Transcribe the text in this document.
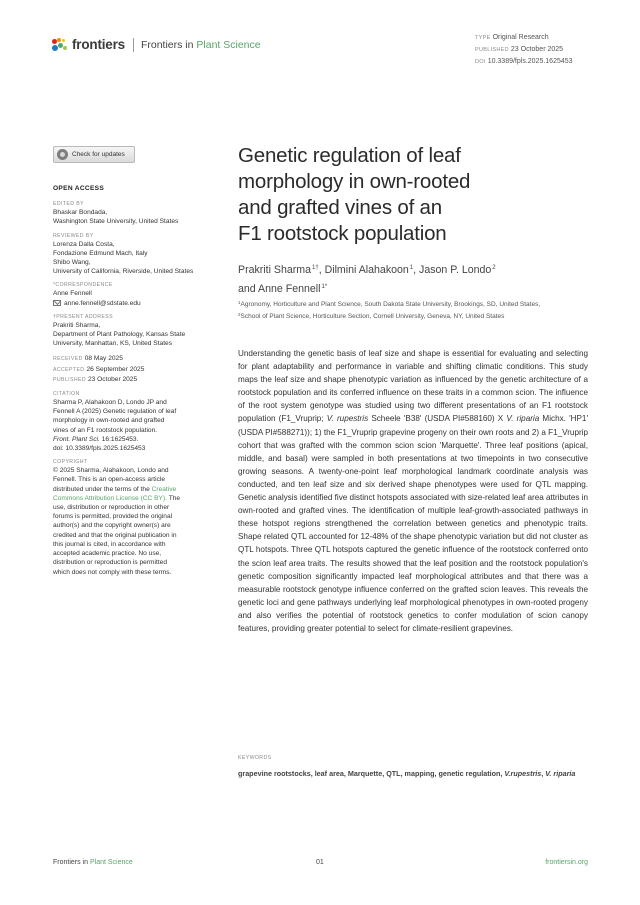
frontiers Frontiers in Plant Science
TYPE Original Research
PUBLISHED 23 October 2025
DOI 10.3389/fpls.2025.1625453
Check for updates
OPEN ACCESS
EDITED BY
Bhaskar Bondada,
Washington State University, United States
REVIEWED BY
Lorenza Dalla Costa,
Fondazione Edmund Mach, Italy
Shibo Wang,
University of California, Riverside, United States
*CORRESPONDENCE
Anne Fennell
anne.fennell@sdstate.edu
†PRESENT ADDRESS
Prakriti Sharma,
Department of Plant Pathology, Kansas State
University, Manhattan, KS, United States
RECEIVED 08 May 2025
ACCEPTED 26 September 2025
PUBLISHED 23 October 2025
CITATION
Sharma P, Alahakoon D, Londo JP and
Fennell A (2025) Genetic regulation of leaf
morphology in own-rooted and grafted
vines of an F1 rootstock population.
Front. Plant Sci. 16:1625453.
doi: 10.3389/fpls.2025.1625453
COPYRIGHT
© 2025 Sharma, Alahakoon, Londo and
Fennell. This is an open-access article
distributed under the terms of the Creative
Commons Attribution License (CC BY). The
use, distribution or reproduction in other
forums is permitted, provided the original
author(s) and the copyright owner(s) are
credited and that the original publication in
this journal is cited, in accordance with
accepted academic practice. No use,
distribution or reproduction is permitted
which does not comply with these terms.
Genetic regulation of leaf
morphology in own-rooted
and grafted vines of an
F1 rootstock population
Prakriti Sharma$^{1\dagger}$, Dilmini Alahakoon$^1$, Jason P. Londo$^2$
and Anne Fennell$^{1*}$
$^1$Agronomy, Horticulture and Plant Science, South Dakota State University, Brookings, SD, United States,
$^2$School of Plant Science, Horticulture Section, Cornell University, Geneva, NY, United States

Understanding the genetic basis of leaf size and shape is essential for evaluating and selecting for plant adaptability and performance in variable and shifting climatic conditions. This study maps the leaf size and shape phenotypic variation as influenced by the genetic architecture of a rootstock population and its conferred influence on these traits in a common scion. The influence of the root system genotype was studied using two different presentations of an F1 rootstock population (F1_Vruprip; V. rupestris Scheele 'B38' (USDA PI#588160) X V. riparia Michx. 'HP1' (USDA PI#588271)); 1) the F1_Vruprip grapevine progeny on their own roots and 2) a F1_Vruprip cohort that was grafted with the common scion scion 'Marquette'. Three leaf positions (apical, middle, and basal) were sampled in both presentations at two timepoints in two consecutive growing seasons. A twenty-one-point leaf morphological landmark coordinate analysis was conducted, and ten leaf size and six derived shape phenotypes were used for QTL mapping. Genetic analysis identified five distinct hotspots associated with size-related leaf area attributes in own-rooted and grafted vines. The identification of multiple leaf-growth-associated pathways in these hotspot regions strengthened the correlation between genetics and phenotypic traits. Shape related QTL accounted for 12-48% of the shape phenotypic variation but did not cluster as QTL hotspots. Three QTL hotspots captured the genetic influence of the rootstock conferred onto the scion leaf area traits. The results showed that the leaf position and the rootstock population's genetic composition significantly impacted leaf morphological attributes and that there was a measurable rootstock genotype influence conferred on the grafted scion leaves. This reveals the genetic loci and gene pathways underlying leaf morphological phenotypes in own-rooted progeny and also verifies the potential of rootstock genetics to confer modulation of scion canopy features, providing greater potential to select for climate-resilient grapevines.

KEYWORDS

grapevine rootstocks, leaf area, Marquette, QTL, mapping, genetic regulation, V.rupestris, V. riparia

Frontiers in Plant Science	01	frontiersin.org
